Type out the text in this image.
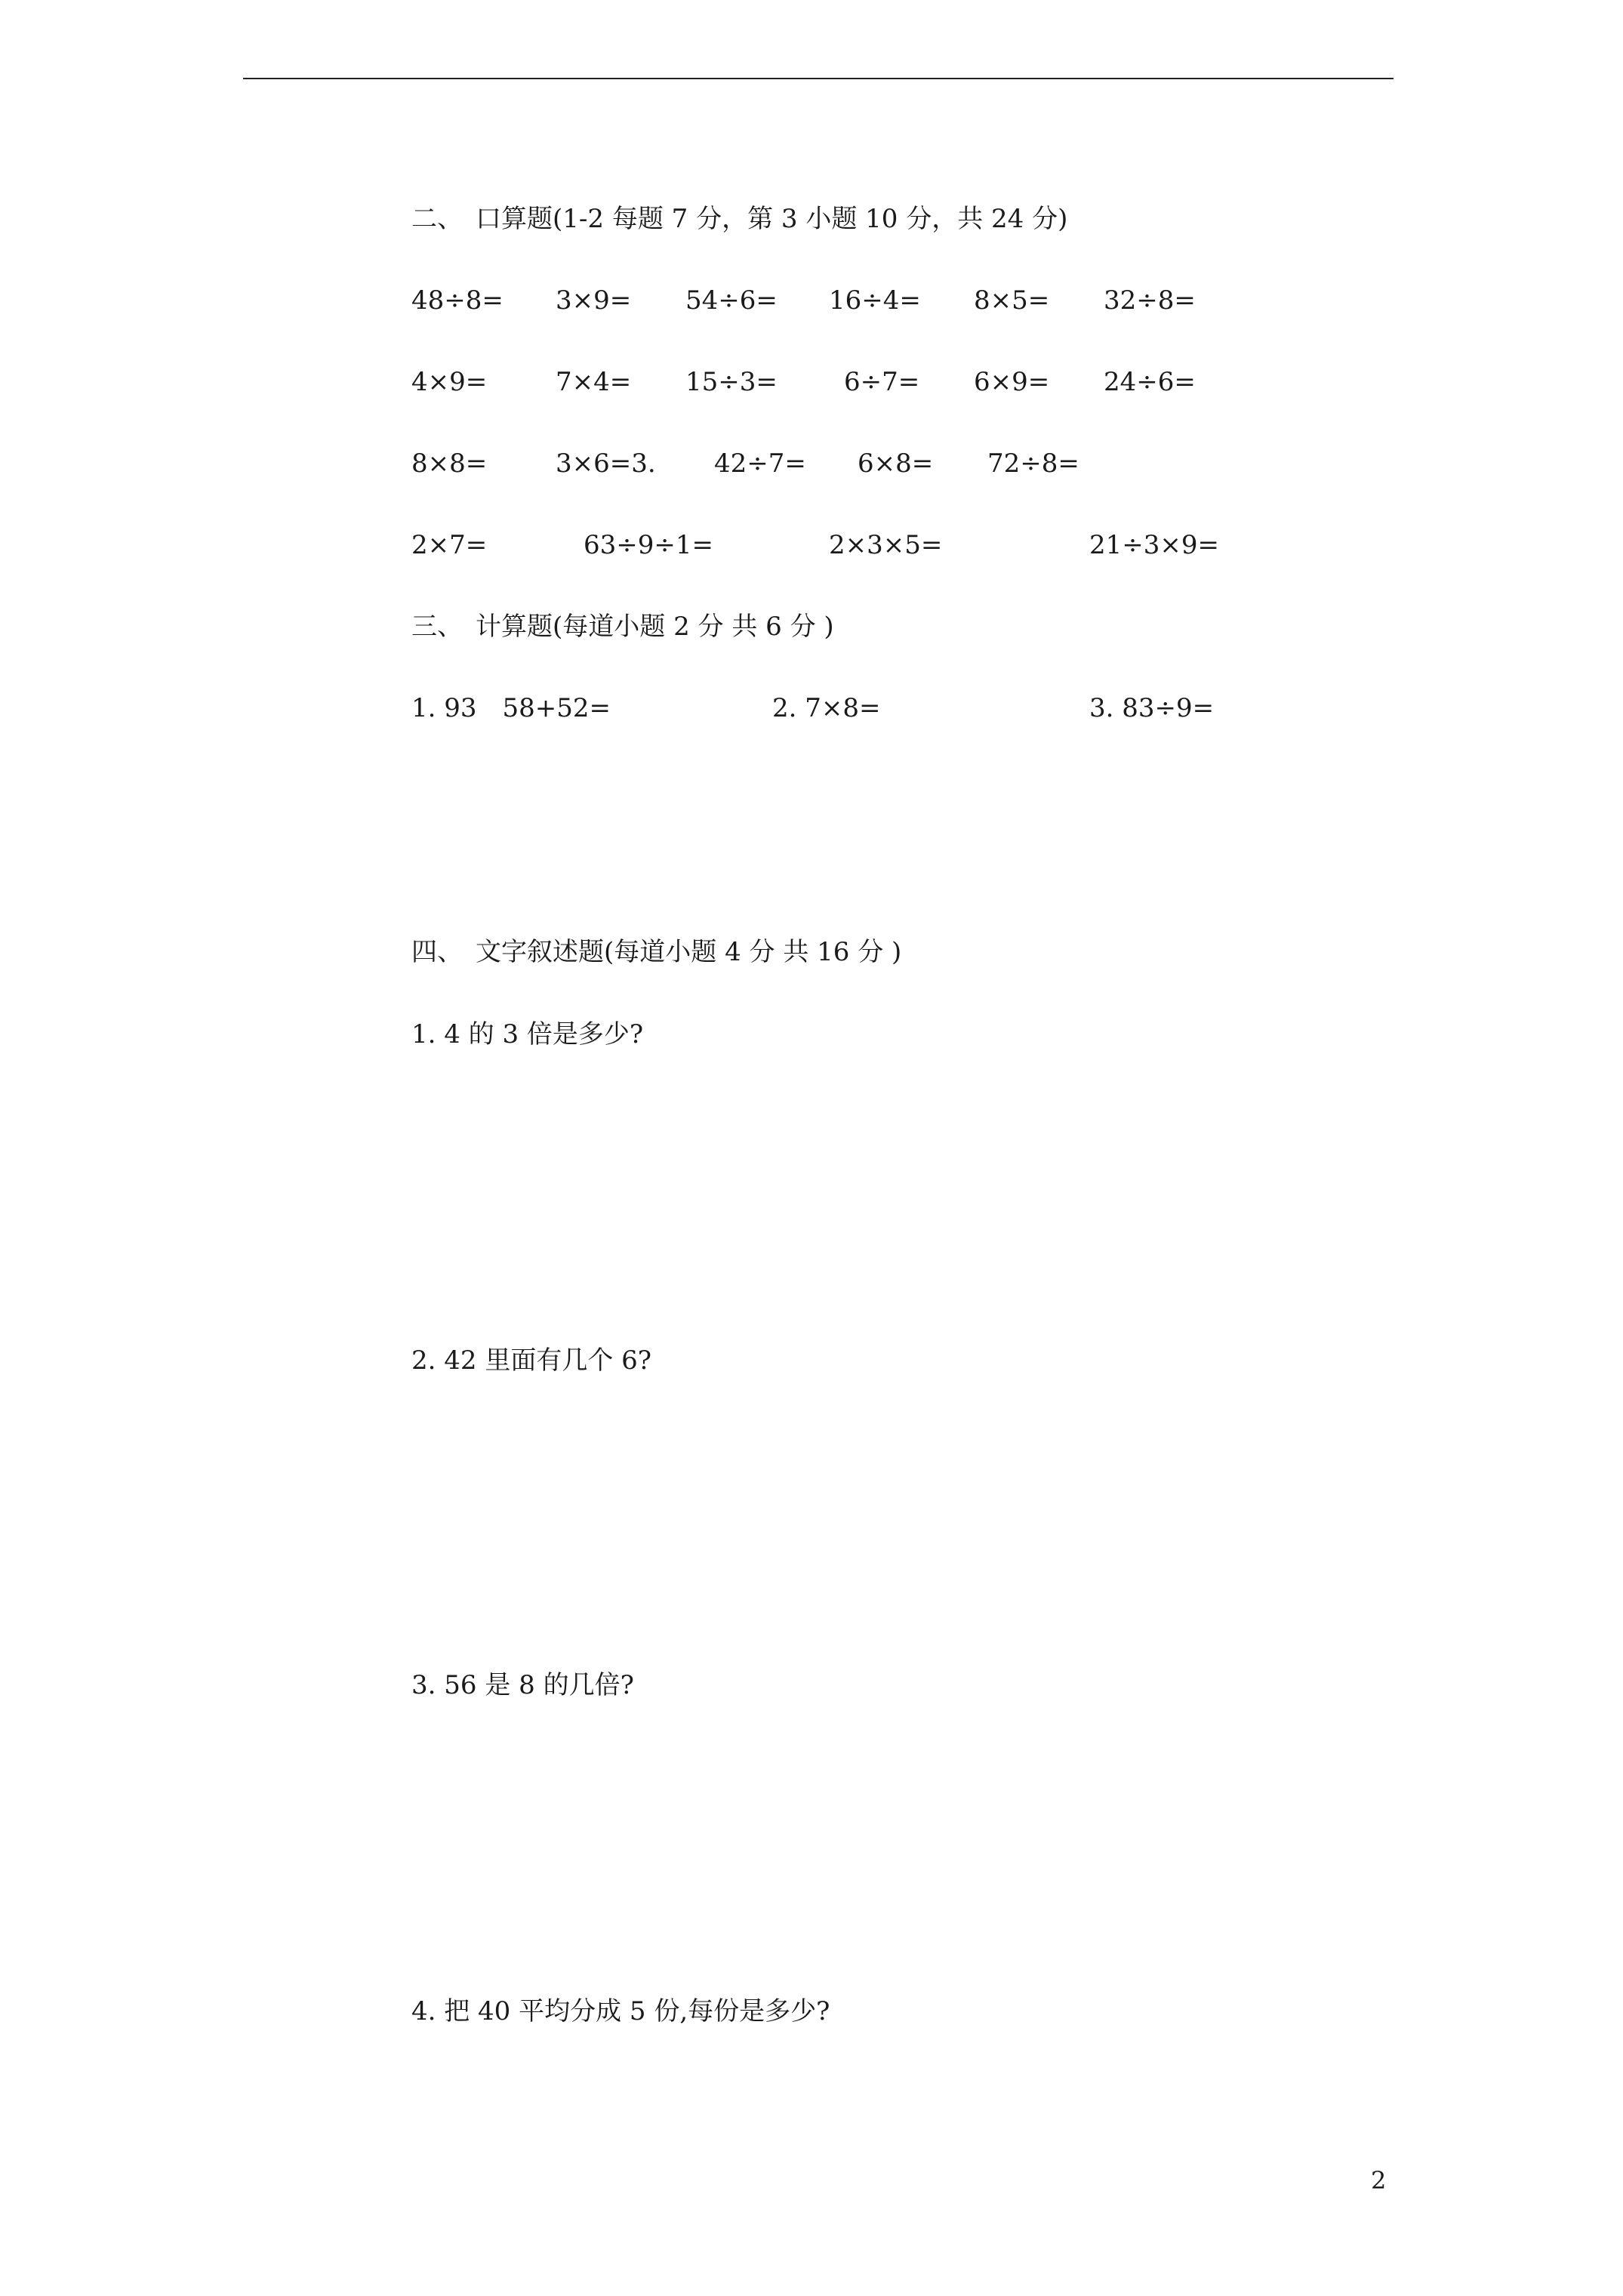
二、　口算题(1-2 每题 7 分，第 3 小题 10 分，共 24 分)
48÷8= 3×9= 54÷6= 16÷4= 8×5= 32÷8=
4×9=	7×4= 15÷3=	6÷7= 6×9= 24÷6=
8×8=	3×6=3. 42÷7= 6×8= 72÷8=
2×7=	63÷9÷1=	2×3×5=	21÷3×9=
三、　计算题(每道小题 2 分 共 6 分 )
1. 93　58+52=	2. 7×8=	3. 83÷9=
四、　文字叙述题(每道小题 4 分 共 16 分 )
1. 4 的 3 倍是多少?
2. 42 里面有几个 6?
3. 56 是 8 的几倍?
4. 把 40 平均分成 5 份,每份是多少?
2
